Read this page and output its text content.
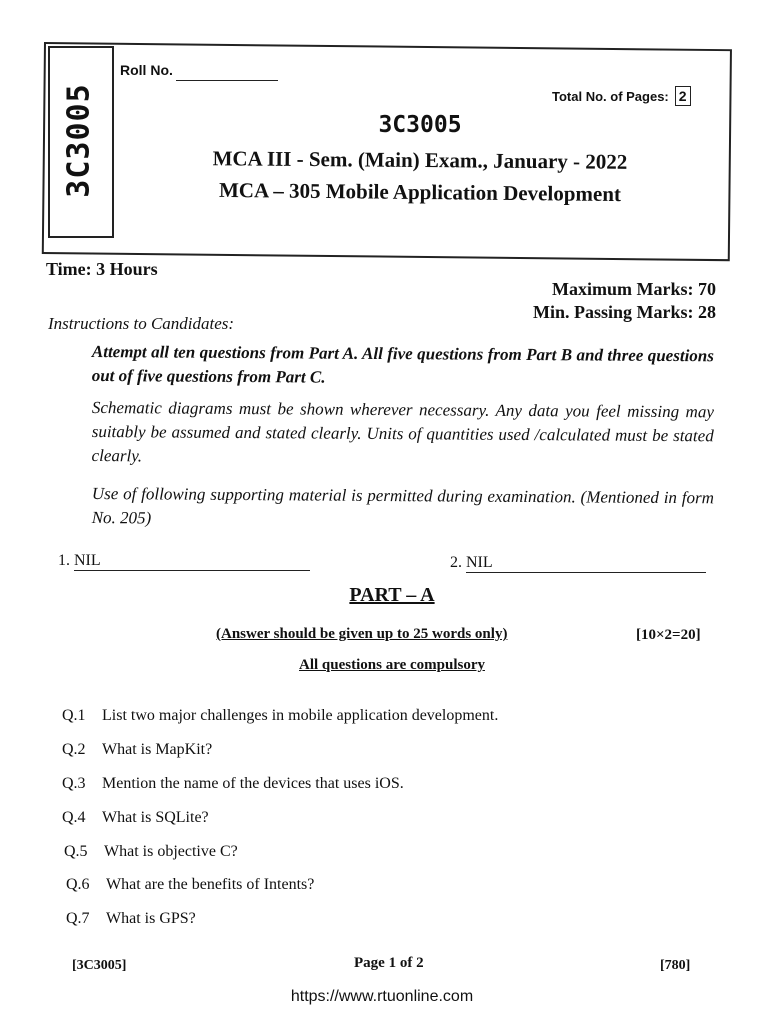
3C3005
Roll No.
Total No. of Pages: 2
3C3005
MCA III - Sem. (Main) Exam., January - 2022
MCA – 305 Mobile Application Development
Time: 3 Hours
Maximum Marks: 70
Min. Passing Marks: 28
Instructions to Candidates:
Attempt all ten questions from Part A. All five questions from Part B and three questions out of five questions from Part C.
Schematic diagrams must be shown wherever necessary. Any data you feel missing may suitably be assumed and stated clearly. Units of quantities used /calculated must be stated clearly.
Use of following supporting material is permitted during examination. (Mentioned in form No. 205)
1. NIL	2. NIL
PART – A
(Answer should be given up to 25 words only)	[10×2=20]
All questions are compulsory
Q.1	List two major challenges in mobile application development.
Q.2	What is MapKit?
Q.3	Mention the name of the devices that uses iOS.
Q.4	What is SQLite?
Q.5	What is objective C?
Q.6	What are the benefits of Intents?
Q.7	What is GPS?
[3C3005]	Page 1 of 2	[780]
https://www.rtuonline.com
